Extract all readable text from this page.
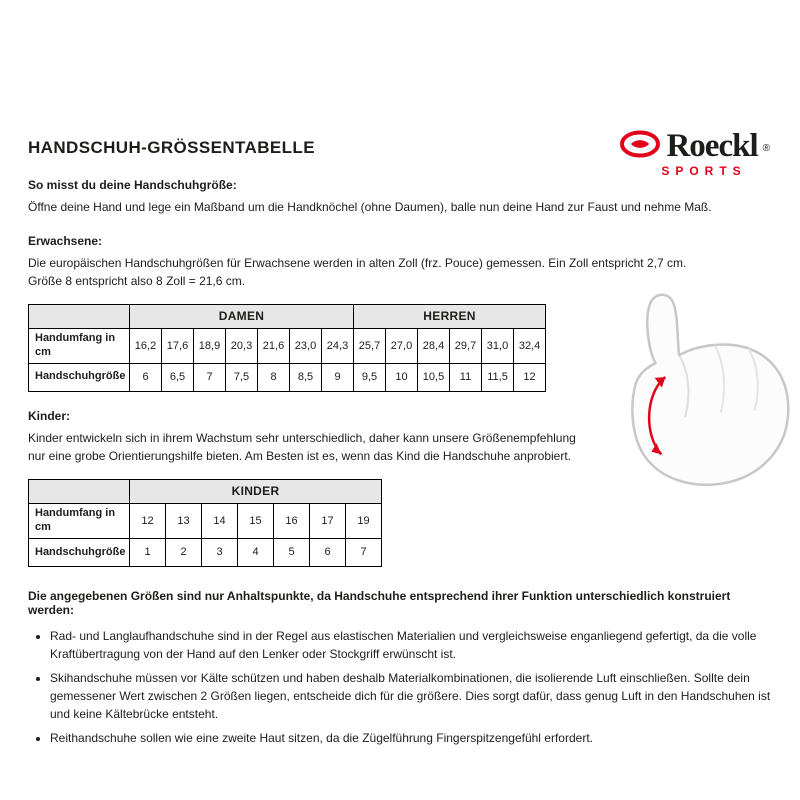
Roeckl ®
SPORTS
HANDSCHUH-GRÖSSENTABELLE
So misst du deine Handschuhgröße:
Öffne deine Hand und lege ein Maßband um die Handknöchel (ohne Daumen), balle nun deine Hand zur Faust und nehme Maß.
Erwachsene:
Die europäischen Handschuhgrößen für Erwachsene werden in alten Zoll (frz. Pouce) gemessen. Ein Zoll entspricht 2,7 cm.
Größe 8 entspricht also 8 Zoll = 21,6 cm.
	DAMEN							HERREN					
Handumfang in cm	16,2	17,6	18,9	20,3	21,6	23,0	24,3	25,7	27,0	28,4	29,7	31,0	32,4
Handschuhgröße	6	6,5	7	7,5	8	8,5	9	9,5	10	10,5	11	11,5	12
Kinder:
Kinder entwickeln sich in ihrem Wachstum sehr unterschiedlich, daher kann unsere Größenempfehlung
nur eine grobe Orientierungshilfe bieten. Am Besten ist es, wenn das Kind die Handschuhe anprobiert.
	KINDER						
Handumfang in cm	12	13	14	15	16	17	19
Handschuhgröße	1	2	3	4	5	6	7
Die angegebenen Größen sind nur Anhaltspunkte, da Handschuhe entsprechend ihrer Funktion unterschiedlich konstruiert werden:
• Rad- und Langlaufhandschuhe sind in der Regel aus elastischen Materialien und vergleichsweise enganliegend gefertigt, da die volle Kraftübertragung von der Hand auf den Lenker oder Stockgriff erwünscht ist.
• Skihandschuhe müssen vor Kälte schützen und haben deshalb Materialkombinationen, die isolierende Luft einschließen. Sollte dein gemessener Wert zwischen 2 Größen liegen, entscheide dich für die größere. Dies sorgt dafür, dass genug Luft in den Handschuhen ist und keine Kältebrücke entsteht.
• Reithandschuhe sollen wie eine zweite Haut sitzen, da die Zügelführung Fingerspitzengefühl erfordert.
